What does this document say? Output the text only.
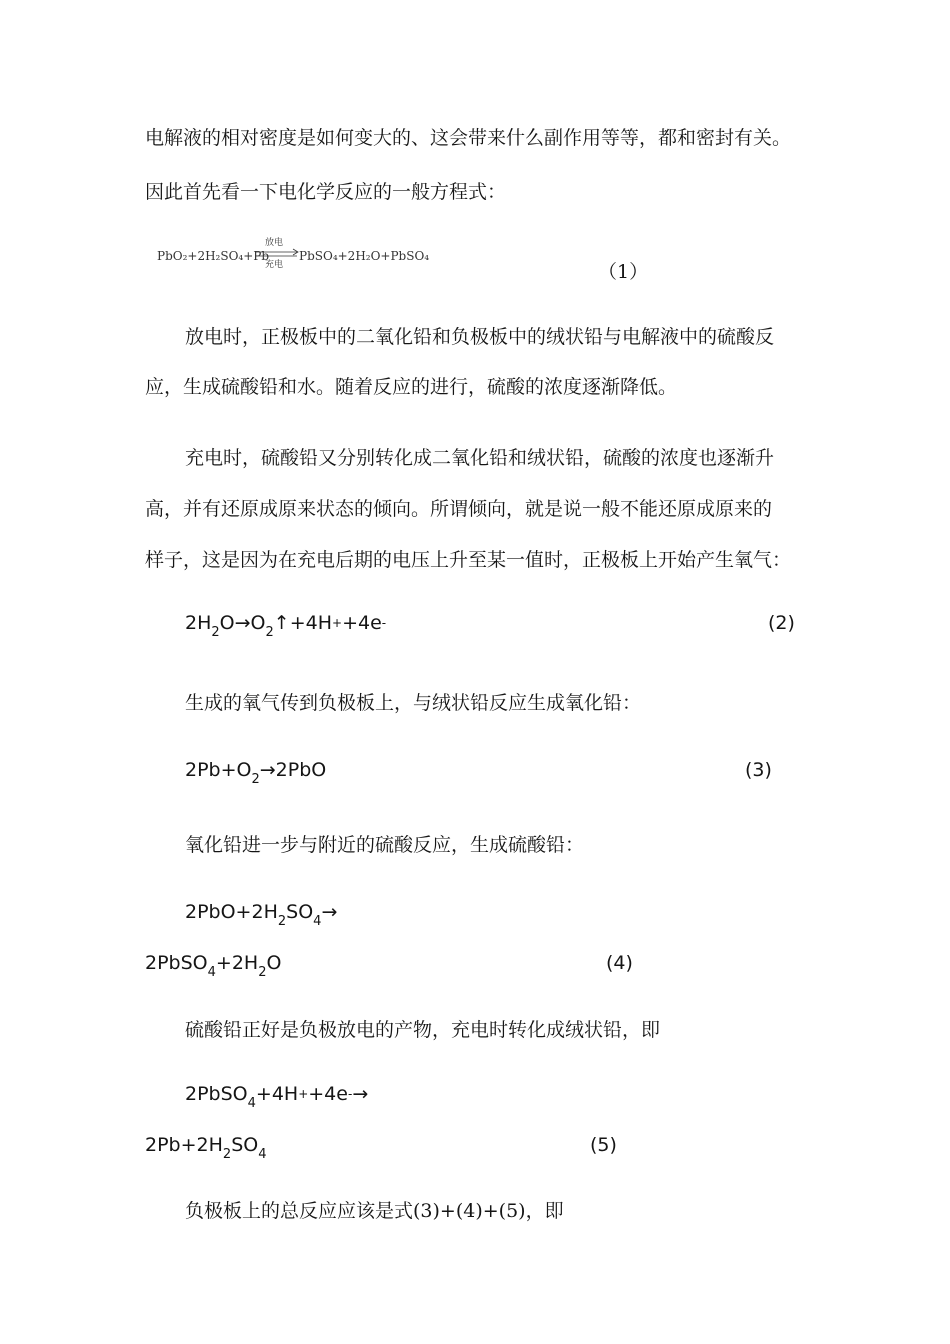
电解液的相对密度是如何变大的、这会带来什么副作用等等，都和密封有关。
因此首先看一下电化学反应的一般方程式：
PbO₂+2H₂SO₄+Pb
放电
充电
PbSO₄+2H₂O+PbSO₄
（1）
放电时，正极板中的二氧化铅和负极板中的绒状铅与电解液中的硫酸反
应，生成硫酸铅和水。随着反应的进行，硫酸的浓度逐渐降低。
充电时，硫酸铅又分别转化成二氧化铅和绒状铅，硫酸的浓度也逐渐升
高，并有还原成原来状态的倾向。所谓倾向，就是说一般不能还原成原来的
样子，这是因为在充电后期的电压上升至某一值时，正极板上开始产生氧气：
$2H_2O\to O_2↑+4H^++4e^-$	(2)
生成的氧气传到负极板上，与绒状铅反应生成氧化铅：
$2Pb+O_2\to 2PbO$	(3)
氧化铅进一步与附近的硫酸反应，生成硫酸铅：
$2PbO+2H_2SO_4\to$
$2PbSO_4+2H_2O$	(4)
硫酸铅正好是负极放电的产物，充电时转化成绒状铅，即
2PbSO$_4$+4H++4e-→
$2Pb+2H_2SO_4$	(5)
负极板上的总反应应该是式(3)+(4)+(5)，即
